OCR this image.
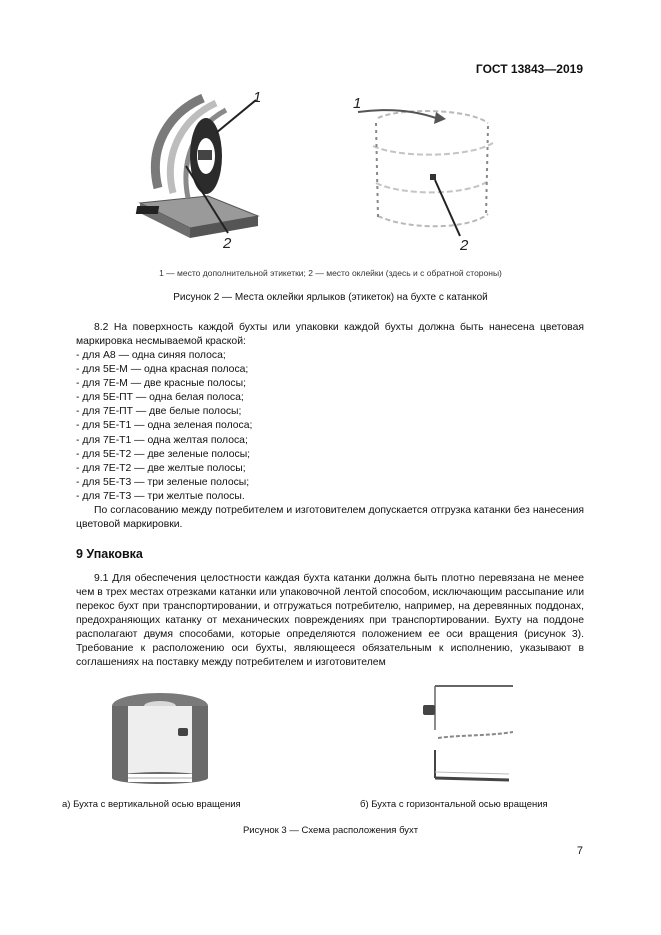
ГОСТ 13843—2019
1
2
1
2
1 — место дополнительной этикетки; 2 — место оклейки (здесь и с обратной стороны)
Рисунок 2 — Места оклейки ярлыков (этикеток) на бухте с катанкой
8.2 На поверхность каждой бухты или упаковки каждой бухты должна быть нанесена цветовая маркировка несмываемой краской:
- для А8 — одна синяя полоса;
- для 5Е-М — одна красная полоса;
- для 7Е-М — две красные полосы;
- для 5Е-ПТ — одна белая полоса;
- для 7Е-ПТ — две белые полосы;
- для 5Е-Т1 — одна зеленая полоса;
- для 7Е-Т1 — одна желтая полоса;
- для 5Е-Т2 — две зеленые полосы;
- для 7Е-Т2 — две желтые полосы;
- для 5Е-Т3 — три зеленые полосы;
- для 7Е-Т3 — три желтые полосы.
По согласованию между потребителем и изготовителем допускается отгрузка катанки без нанесения цветовой маркировки.
9 Упаковка
9.1 Для обеспечения целостности каждая бухта катанки должна быть плотно перевязана не менее чем в трех местах отрезками катанки или упаковочной лентой способом, исключающим рассыпание или перекос бухт при транспортировании, и отгружаться потребителю, например, на деревянных поддонах, предохраняющих катанку от механических повреждениях при транспортировании. Бухту на поддоне располагают двумя способами, которые определяются положением ее оси вращения (рисунок 3). Требование к расположению оси бухты, являющееся обязательным к исполнению, указывают в соглашениях на поставку между потребителем и изготовителем
а) Бухта с вертикальной осью вращения	б) Бухта с горизонтальной осью вращения
Рисунок 3 — Схема расположения бухт
7
